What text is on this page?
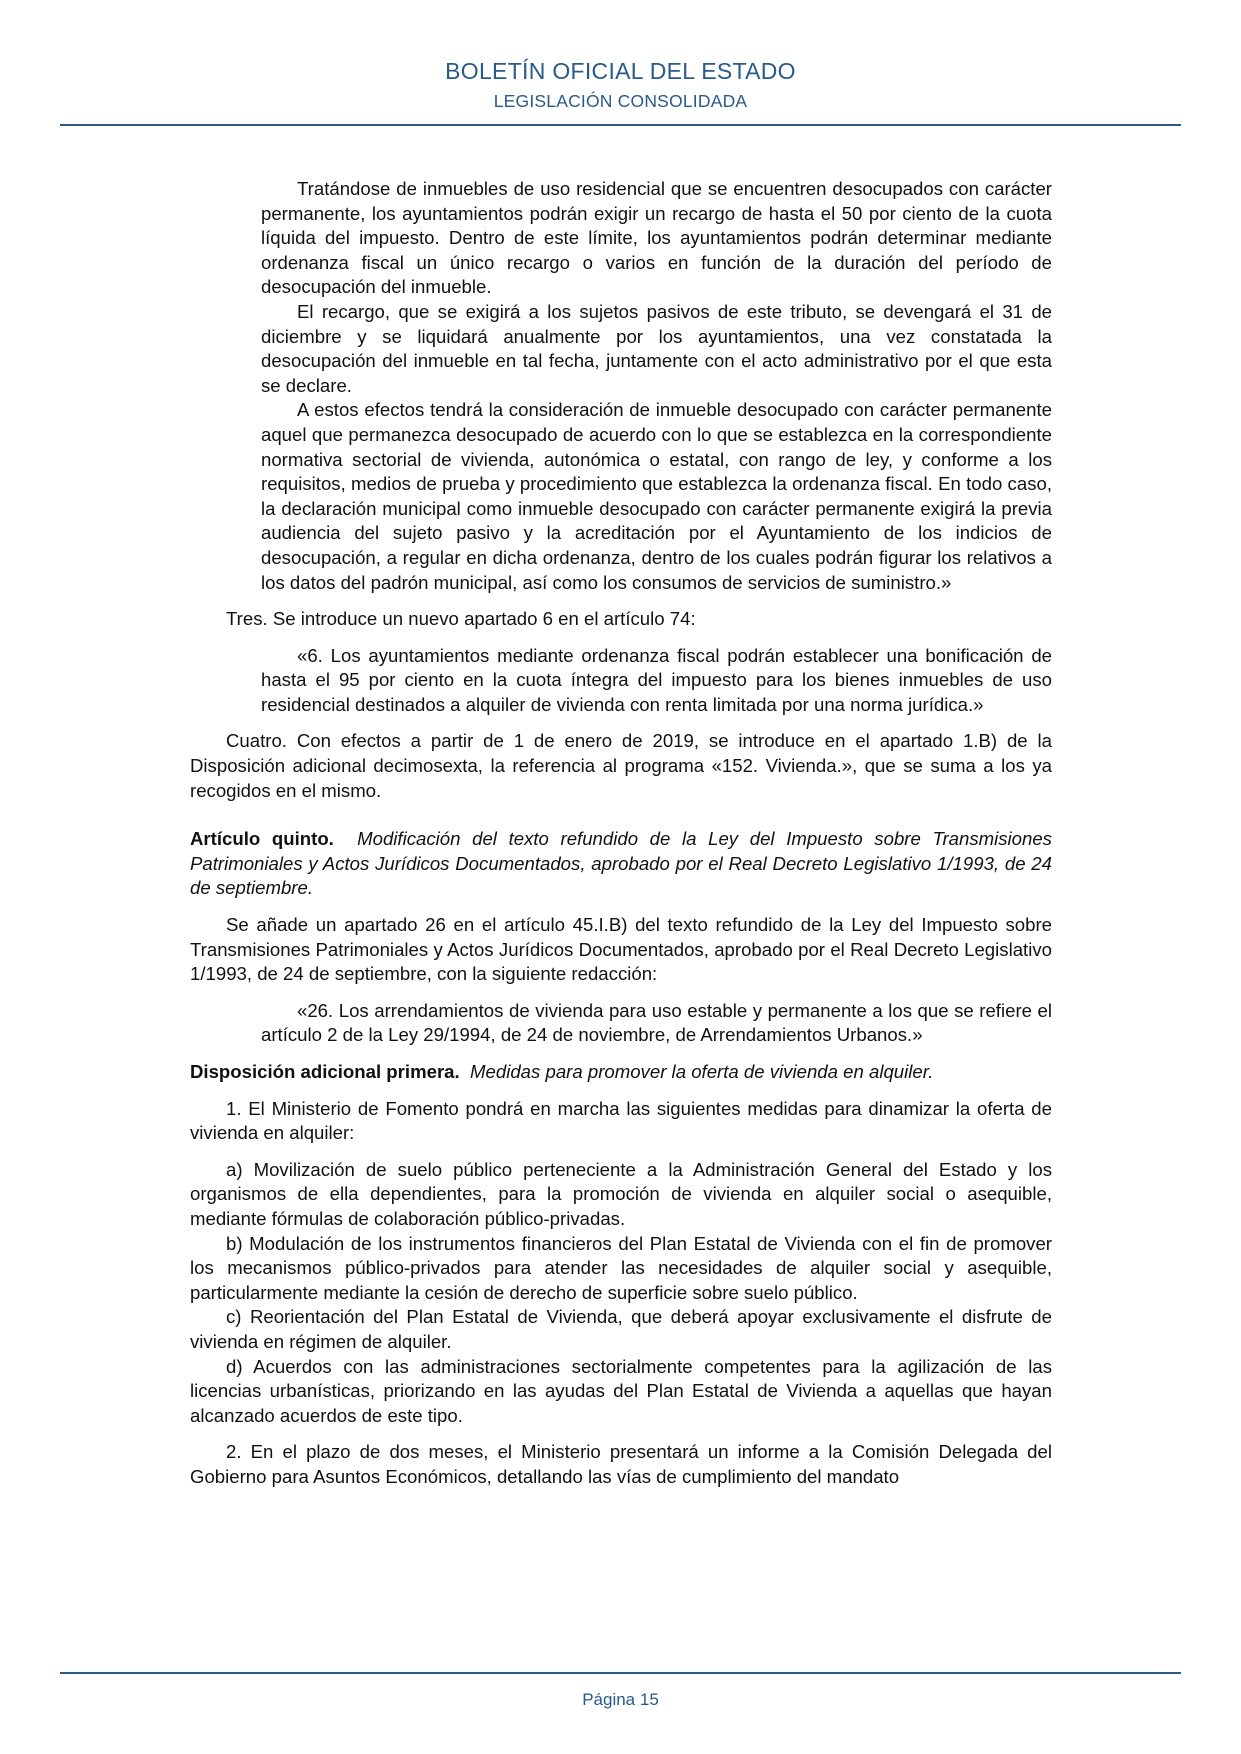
BOLETÍN OFICIAL DEL ESTADO
LEGISLACIÓN CONSOLIDADA

Tratándose de inmuebles de uso residencial que se encuentren desocupados con carácter permanente, los ayuntamientos podrán exigir un recargo de hasta el 50 por ciento de la cuota líquida del impuesto. Dentro de este límite, los ayuntamientos podrán determinar mediante ordenanza fiscal un único recargo o varios en función de la duración del período de desocupación del inmueble.

El recargo, que se exigirá a los sujetos pasivos de este tributo, se devengará el 31 de diciembre y se liquidará anualmente por los ayuntamientos, una vez constatada la desocupación del inmueble en tal fecha, juntamente con el acto administrativo por el que esta se declare.

A estos efectos tendrá la consideración de inmueble desocupado con carácter permanente aquel que permanezca desocupado de acuerdo con lo que se establezca en la correspondiente normativa sectorial de vivienda, autonómica o estatal, con rango de ley, y conforme a los requisitos, medios de prueba y procedimiento que establezca la ordenanza fiscal. En todo caso, la declaración municipal como inmueble desocupado con carácter permanente exigirá la previa audiencia del sujeto pasivo y la acreditación por el Ayuntamiento de los indicios de desocupación, a regular en dicha ordenanza, dentro de los cuales podrán figurar los relativos a los datos del padrón municipal, así como los consumos de servicios de suministro.»

Tres. Se introduce un nuevo apartado 6 en el artículo 74:

«6. Los ayuntamientos mediante ordenanza fiscal podrán establecer una bonificación de hasta el 95 por ciento en la cuota íntegra del impuesto para los bienes inmuebles de uso residencial destinados a alquiler de vivienda con renta limitada por una norma jurídica.»

Cuatro. Con efectos a partir de 1 de enero de 2019, se introduce en el apartado 1.B) de la Disposición adicional decimosexta, la referencia al programa «152. Vivienda.», que se suma a los ya recogidos en el mismo.

Artículo quinto. Modificación del texto refundido de la Ley del Impuesto sobre Transmisiones Patrimoniales y Actos Jurídicos Documentados, aprobado por el Real Decreto Legislativo 1/1993, de 24 de septiembre.

Se añade un apartado 26 en el artículo 45.I.B) del texto refundido de la Ley del Impuesto sobre Transmisiones Patrimoniales y Actos Jurídicos Documentados, aprobado por el Real Decreto Legislativo 1/1993, de 24 de septiembre, con la siguiente redacción:

«26. Los arrendamientos de vivienda para uso estable y permanente a los que se refiere el artículo 2 de la Ley 29/1994, de 24 de noviembre, de Arrendamientos Urbanos.»

Disposición adicional primera. Medidas para promover la oferta de vivienda en alquiler.

1. El Ministerio de Fomento pondrá en marcha las siguientes medidas para dinamizar la oferta de vivienda en alquiler:

a) Movilización de suelo público perteneciente a la Administración General del Estado y los organismos de ella dependientes, para la promoción de vivienda en alquiler social o asequible, mediante fórmulas de colaboración público-privadas.

b) Modulación de los instrumentos financieros del Plan Estatal de Vivienda con el fin de promover los mecanismos público-privados para atender las necesidades de alquiler social y asequible, particularmente mediante la cesión de derecho de superficie sobre suelo público.

c) Reorientación del Plan Estatal de Vivienda, que deberá apoyar exclusivamente el disfrute de vivienda en régimen de alquiler.

d) Acuerdos con las administraciones sectorialmente competentes para la agilización de las licencias urbanísticas, priorizando en las ayudas del Plan Estatal de Vivienda a aquellas que hayan alcanzado acuerdos de este tipo.

2. En el plazo de dos meses, el Ministerio presentará un informe a la Comisión Delegada del Gobierno para Asuntos Económicos, detallando las vías de cumplimiento del mandato

Página 15
